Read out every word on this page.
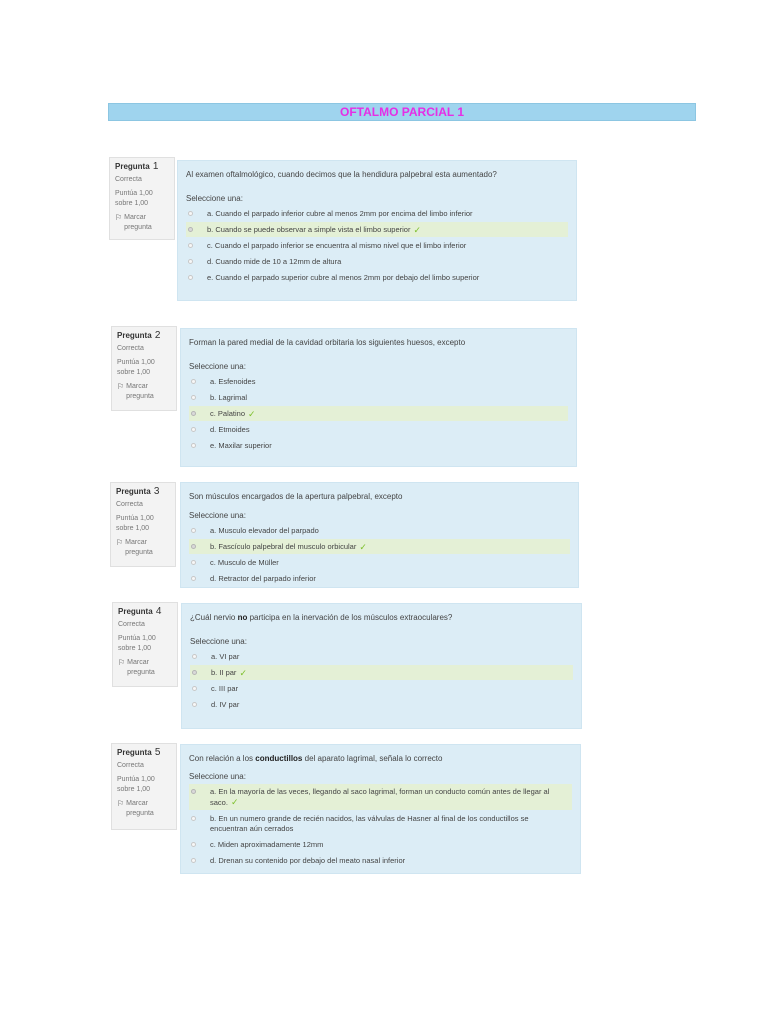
OFTALMO PARCIAL 1
Pregunta 1
Correcta
Puntúa 1,00 sobre 1,00
⚐ Marcar pregunta
Al examen oftalmológico, cuando decimos que la hendidura palpebral esta aumentado?
Seleccione una:
a. Cuando el parpado inferior cubre al menos 2mm por encima del limbo inferior
b. Cuando se puede observar a simple vista el limbo superior ✓
c. Cuando el parpado inferior se encuentra al mismo nivel que el limbo inferior
d. Cuando mide de 10 a 12mm de altura
e. Cuando el parpado superior cubre al menos 2mm por debajo del limbo superior
Pregunta 2
Correcta
Puntúa 1,00 sobre 1,00
⚐ Marcar pregunta
Forman la pared medial de la cavidad orbitaria los siguientes huesos, excepto
Seleccione una:
a. Esfenoides
b. Lagrimal
c. Palatino ✓
d. Etmoides
e. Maxilar superior
Pregunta 3
Correcta
Puntúa 1,00 sobre 1,00
⚐ Marcar pregunta
Son músculos encargados de la apertura palpebral, excepto
Seleccione una:
a. Musculo elevador del parpado
b. Fascículo palpebral del musculo orbicular ✓
c. Musculo de Müller
d. Retractor del parpado inferior
Pregunta 4
Correcta
Puntúa 1,00 sobre 1,00
⚐ Marcar pregunta
¿Cuál nervio no participa en la inervación de los músculos extraoculares?
Seleccione una:
a. VI par
b. II par ✓
c. III par
d. IV par
Pregunta 5
Correcta
Puntúa 1,00 sobre 1,00
⚐ Marcar pregunta
Con relación a los conductillos del aparato lagrimal, señala lo correcto
Seleccione una:
a. En la mayoría de las veces, llegando al saco lagrimal, forman un conducto común antes de llegar al saco. ✓
b. En un numero grande de recién nacidos, las válvulas de Hasner al final de los conductillos se encuentran aún cerrados
c. Miden aproximadamente 12mm
d. Drenan su contenido por debajo del meato nasal inferior
